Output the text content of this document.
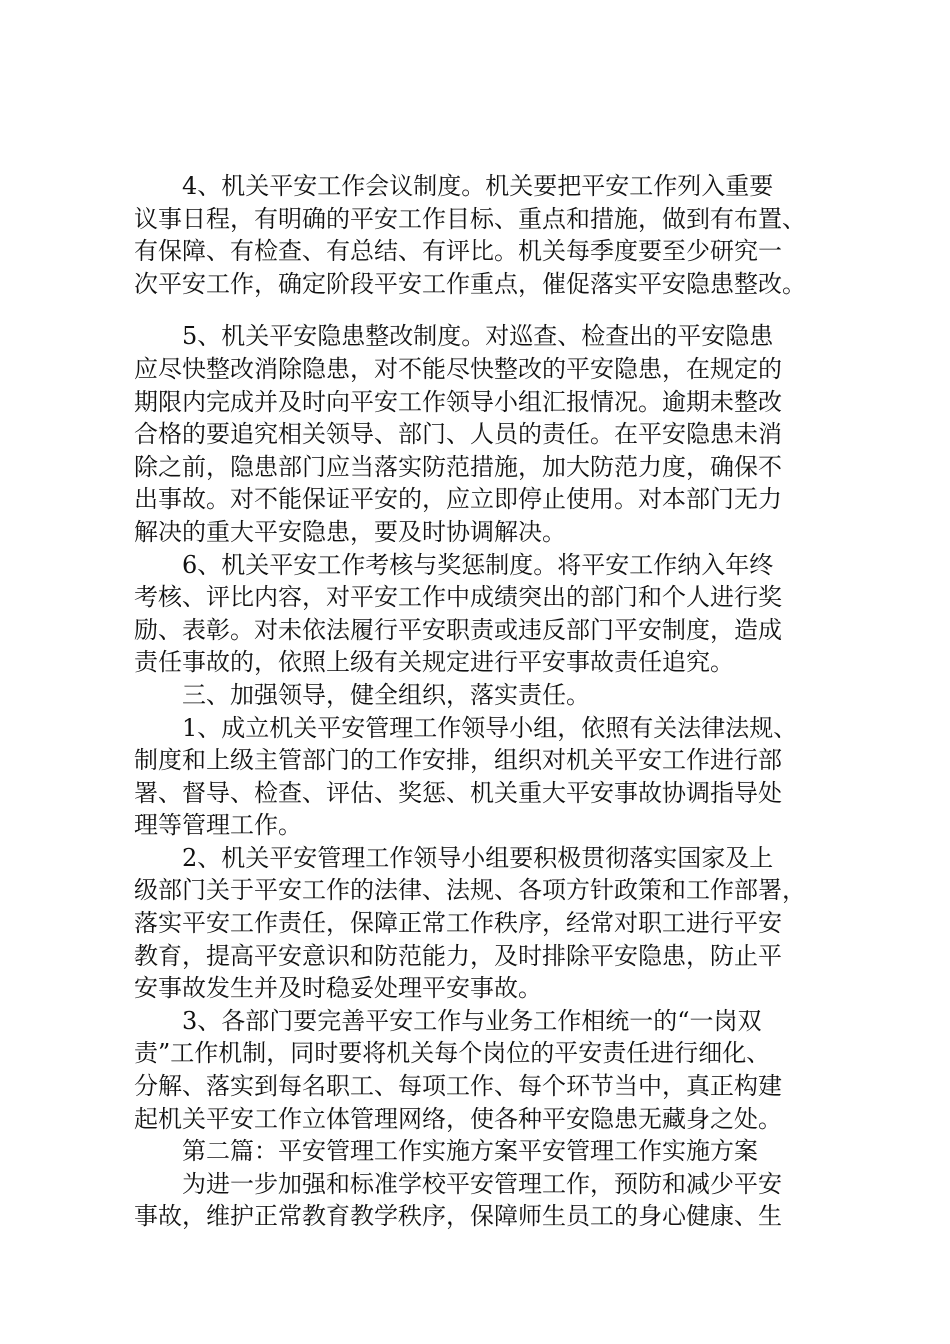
4、机关平安工作会议制度。机关要把平安工作列入重要
议事日程，有明确的平安工作目标、重点和措施，做到有布置、
有保障、有检查、有总结、有评比。机关每季度要至少研究一
次平安工作，确定阶段平安工作重点，催促落实平安隐患整改。
5、机关平安隐患整改制度。对巡查、检查出的平安隐患
应尽快整改消除隐患，对不能尽快整改的平安隐患，在规定的
期限内完成并及时向平安工作领导小组汇报情况。逾期未整改
合格的要追究相关领导、部门、人员的责任。在平安隐患未消
除之前，隐患部门应当落实防范措施，加大防范力度，确保不
出事故。对不能保证平安的，应立即停止使用。对本部门无力
解决的重大平安隐患，要及时协调解决。
6、机关平安工作考核与奖惩制度。将平安工作纳入年终
考核、评比内容，对平安工作中成绩突出的部门和个人进行奖
励、表彰。对未依法履行平安职责或违反部门平安制度，造成
责任事故的，依照上级有关规定进行平安事故责任追究。
三、加强领导，健全组织，落实责任。
1、成立机关平安管理工作领导小组，依照有关法律法规、
制度和上级主管部门的工作安排，组织对机关平安工作进行部
署、督导、检查、评估、奖惩、机关重大平安事故协调指导处
理等管理工作。
2、机关平安管理工作领导小组要积极贯彻落实国家及上
级部门关于平安工作的法律、法规、各项方针政策和工作部署，
落实平安工作责任，保障正常工作秩序，经常对职工进行平安
教育，提高平安意识和防范能力，及时排除平安隐患，防止平
安事故发生并及时稳妥处理平安事故。
3、各部门要完善平安工作与业务工作相统一的“一岗双
责”工作机制，同时要将机关每个岗位的平安责任进行细化、
分解、落实到每名职工、每项工作、每个环节当中，真正构建
起机关平安工作立体管理网络，使各种平安隐患无藏身之处。
第二篇：平安管理工作实施方案平安管理工作实施方案
为进一步加强和标准学校平安管理工作，预防和减少平安
事故，维护正常教育教学秩序，保障师生员工的身心健康、生
